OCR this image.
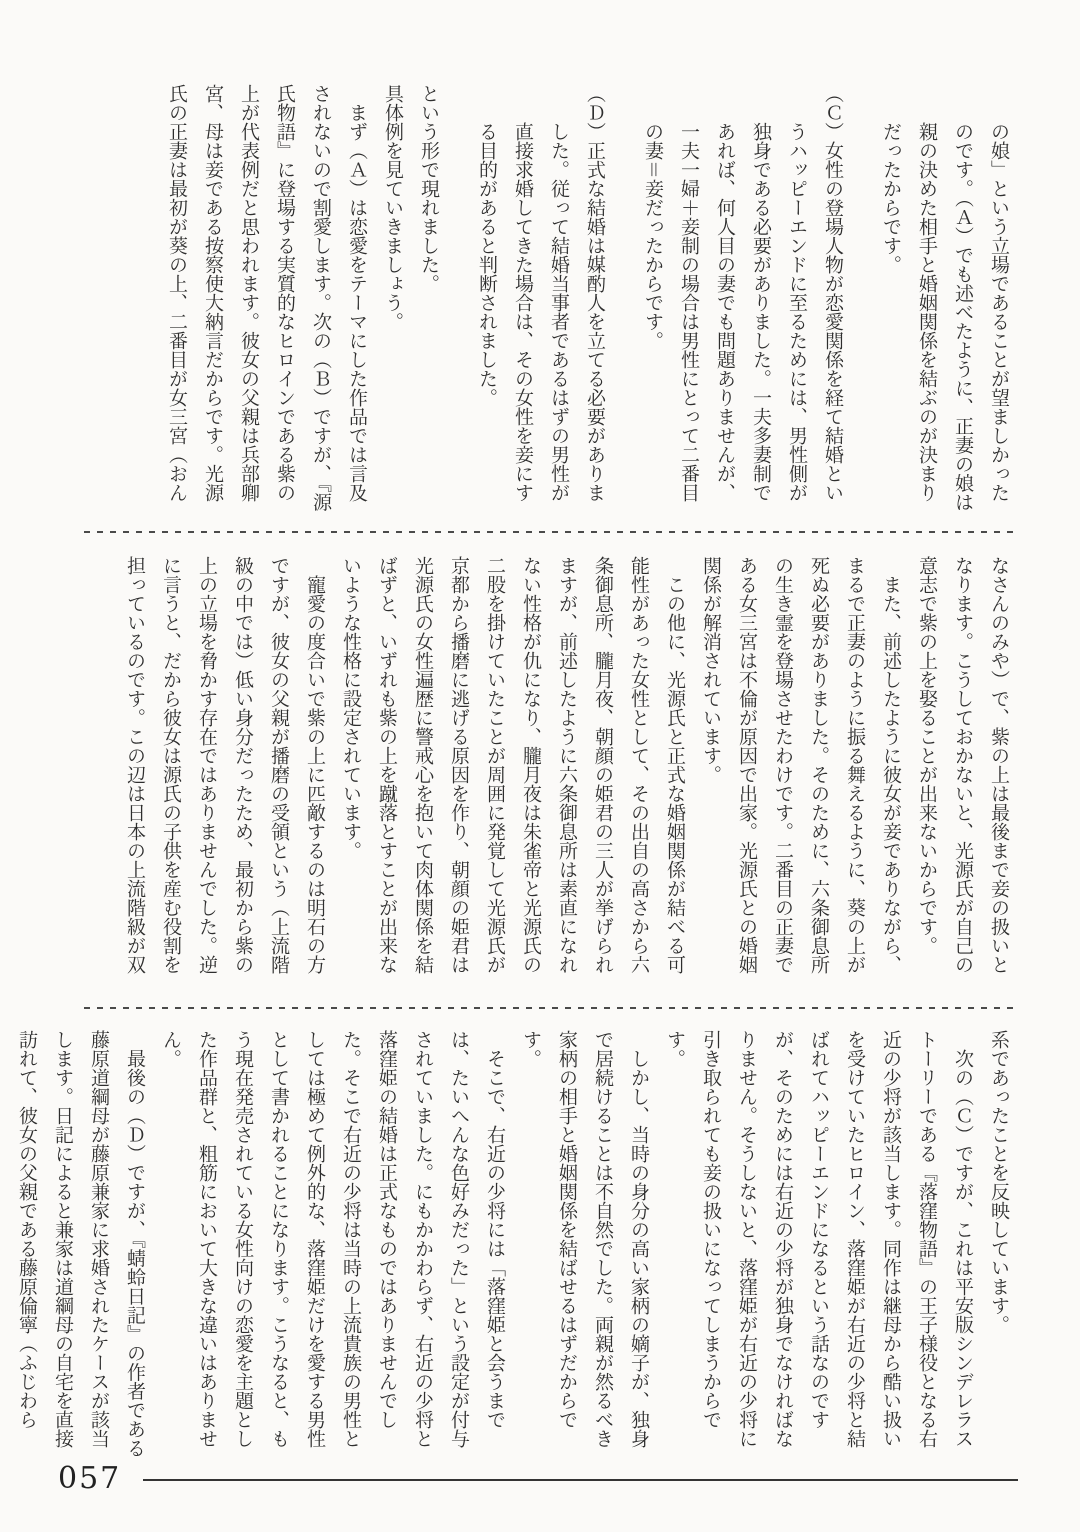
の娘」という立場であることが望ましかったのです。（Ａ）でも述べたように、正妻の娘は親の決めた相手と婚姻関係を結ぶのが決まりだったからです。

（Ｃ）女性の登場人物が恋愛関係を経て結婚というハッピーエンドに至るためには、男性側が独身である必要がありました。一夫多妻制であれば、何人目の妻でも問題ありませんが、一夫一婦＋妾制の場合は男性にとって二番目の妻＝妾だったからです。

（Ｄ）正式な結婚は媒酌人を立てる必要がありました。従って結婚当事者であるはずの男性が直接求婚してきた場合は、その女性を妾にする目的があると判断されました。

という形で現れました。

具体例を見ていきましょう。

まず（Ａ）は恋愛をテーマにした作品では言及されないので割愛します。次の（Ｂ）ですが、『源氏物語』に登場する実質的なヒロインである紫の上が代表例だと思われます。彼女の父親は兵部卿宮、母は妾である按察使大納言だからです。光源氏の正妻は最初が葵の上、二番目が女三宮（おん

なさんのみや）で、紫の上は最後まで妾の扱いとなります。こうしておかないと、光源氏が自己の意志で紫の上を娶ることが出来ないからです。

また、前述したように彼女が妾でありながら、まるで正妻のように振る舞えるように、葵の上が死ぬ必要がありました。そのために、六条御息所の生き霊を登場させたわけです。二番目の正妻である女三宮は不倫が原因で出家。光源氏との婚姻関係が解消されています。

この他に、光源氏と正式な婚姻関係が結べる可能性があった女性として、その出自の高さから六条御息所、朧月夜、朝顔の姫君の三人が挙げられますが、前述したように六条御息所は素直になれない性格が仇になり、朧月夜は朱雀帝と光源氏の二股を掛けていたことが周囲に発覚して光源氏が京都から播磨に逃げる原因を作り、朝顔の姫君は光源氏の女性遍歴に警戒心を抱いて肉体関係を結ばずと、いずれも紫の上を蹴落とすことが出来ないような性格に設定されています。

寵愛の度合いで紫の上に匹敵するのは明石の方ですが、彼女の父親が播磨の受領という（上流階級の中では）低い身分だったため、最初から紫の上の立場を脅かす存在ではありませんでした。逆に言うと、だから彼女は源氏の子供を産む役割を担っているのです。この辺は日本の上流階級が双

系であったことを反映しています。

次の（Ｃ）ですが、これは平安版シンデレラストーリーである『落窪物語』の王子様役となる右近の少将が該当します。同作は継母から酷い扱いを受けていたヒロイン、落窪姫が右近の少将と結ばれてハッピーエンドになるという話なのですが、そのためには右近の少将が独身でなければなりません。そうしないと、落窪姫が右近の少将に引き取られても妾の扱いになってしまうからです。

しかし、当時の身分の高い家柄の嫡子が、独身で居続けることは不自然でした。両親が然るべき家柄の相手と婚姻関係を結ばせるはずだからです。

そこで、右近の少将には「落窪姫と会うまでは、たいへんな色好みだった」という設定が付与されていました。にもかかわらず、右近の少将と落窪姫の結婚は正式なものではありませんでした。そこで右近の少将は当時の上流貴族の男性としては極めて例外的な、落窪姫だけを愛する男性として書かれることになります。こうなると、もう現在発売されている女性向けの恋愛を主題とした作品群と、粗筋において大きな違いはありません。

最後の（Ｄ）ですが、『蜻蛉日記』の作者である藤原道綱母が藤原兼家に求婚されたケースが該当します。日記によると兼家は道綱母の自宅を直接訪れて、彼女の父親である藤原倫寧（ふじわら

057
